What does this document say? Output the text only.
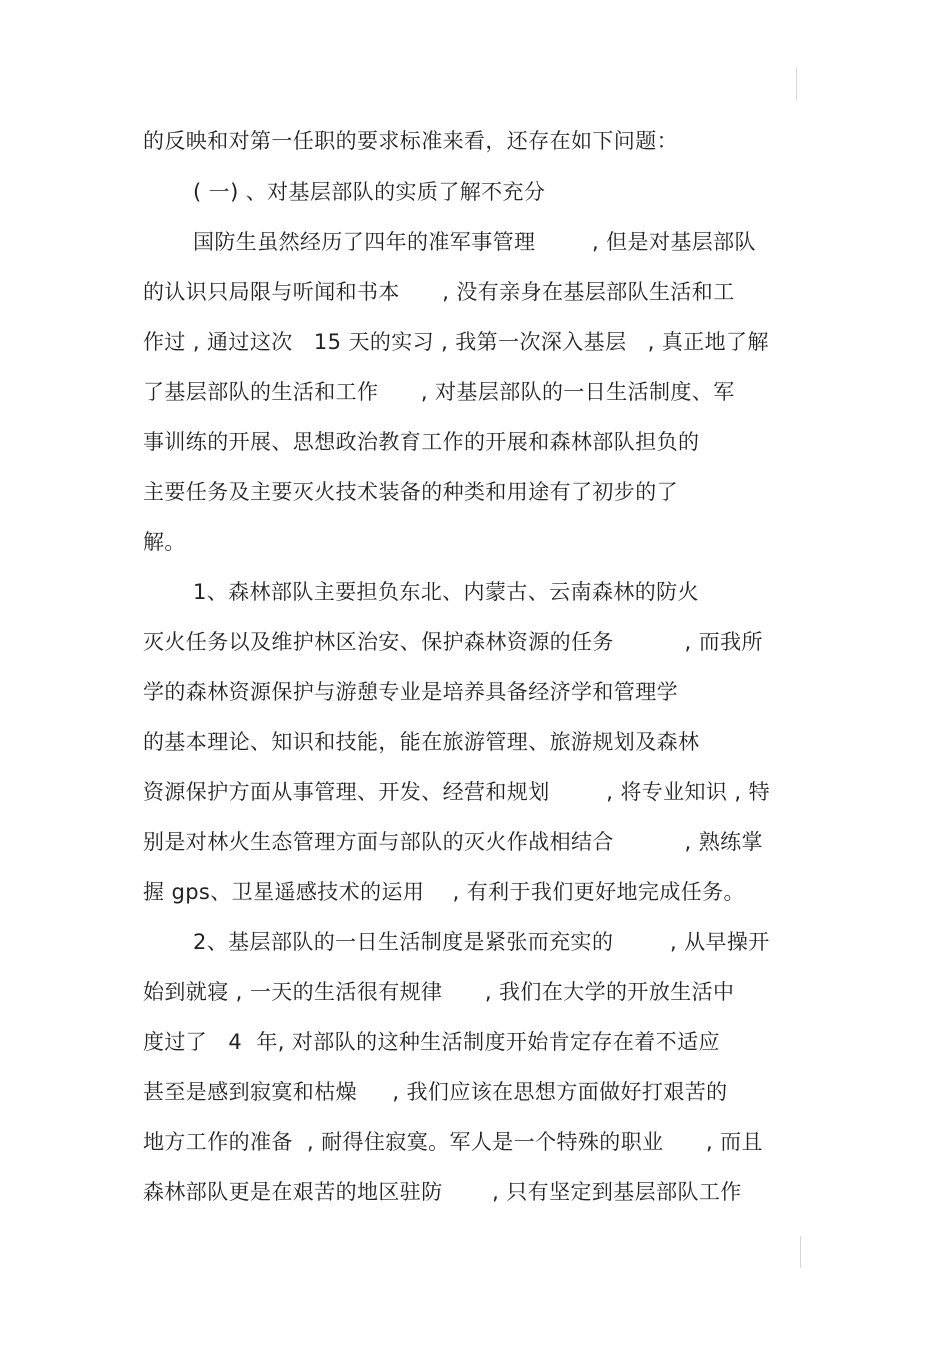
的反映和对第一任职的要求标准来看，还存在如下问题：
( 一) 、对基层部队的实质了解不充分
国防生虽然经历了四年的准军事管理        , 但是对基层部队
的认识只局限与听闻和书本      , 没有亲身在基层部队生活和工
作过 , 通过这次   15 天的实习 , 我第一次深入基层   , 真正地了解
了基层部队的生活和工作      , 对基层部队的一日生活制度、军
事训练的开展、思想政治教育工作的开展和森林部队担负的
主要任务及主要灭火技术装备的种类和用途有了初步的了
解。
1、森林部队主要担负东北、内蒙古、云南森林的防火
灭火任务以及维护林区治安、保护森林资源的任务          , 而我所
学的森林资源保护与游憩专业是培养具备经济学和管理学
的基本理论、知识和技能，能在旅游管理、旅游规划及森林
资源保护方面从事管理、开发、经营和规划        , 将专业知识 , 特
别是对林火生态管理方面与部队的灭火作战相结合          , 熟练掌
握 gps、卫星遥感技术的运用    , 有利于我们更好地完成任务。
2、基层部队的一日生活制度是紧张而充实的        , 从早操开
始到就寝 , 一天的生活很有规律      , 我们在大学的开放生活中
度过了   4  年, 对部队的这种生活制度开始肯定存在着不适应
甚至是感到寂寞和枯燥     , 我们应该在思想方面做好打艰苦的
地方工作的准备  , 耐得住寂寞。军人是一个特殊的职业      , 而且
森林部队更是在艰苦的地区驻防       , 只有坚定到基层部队工作
